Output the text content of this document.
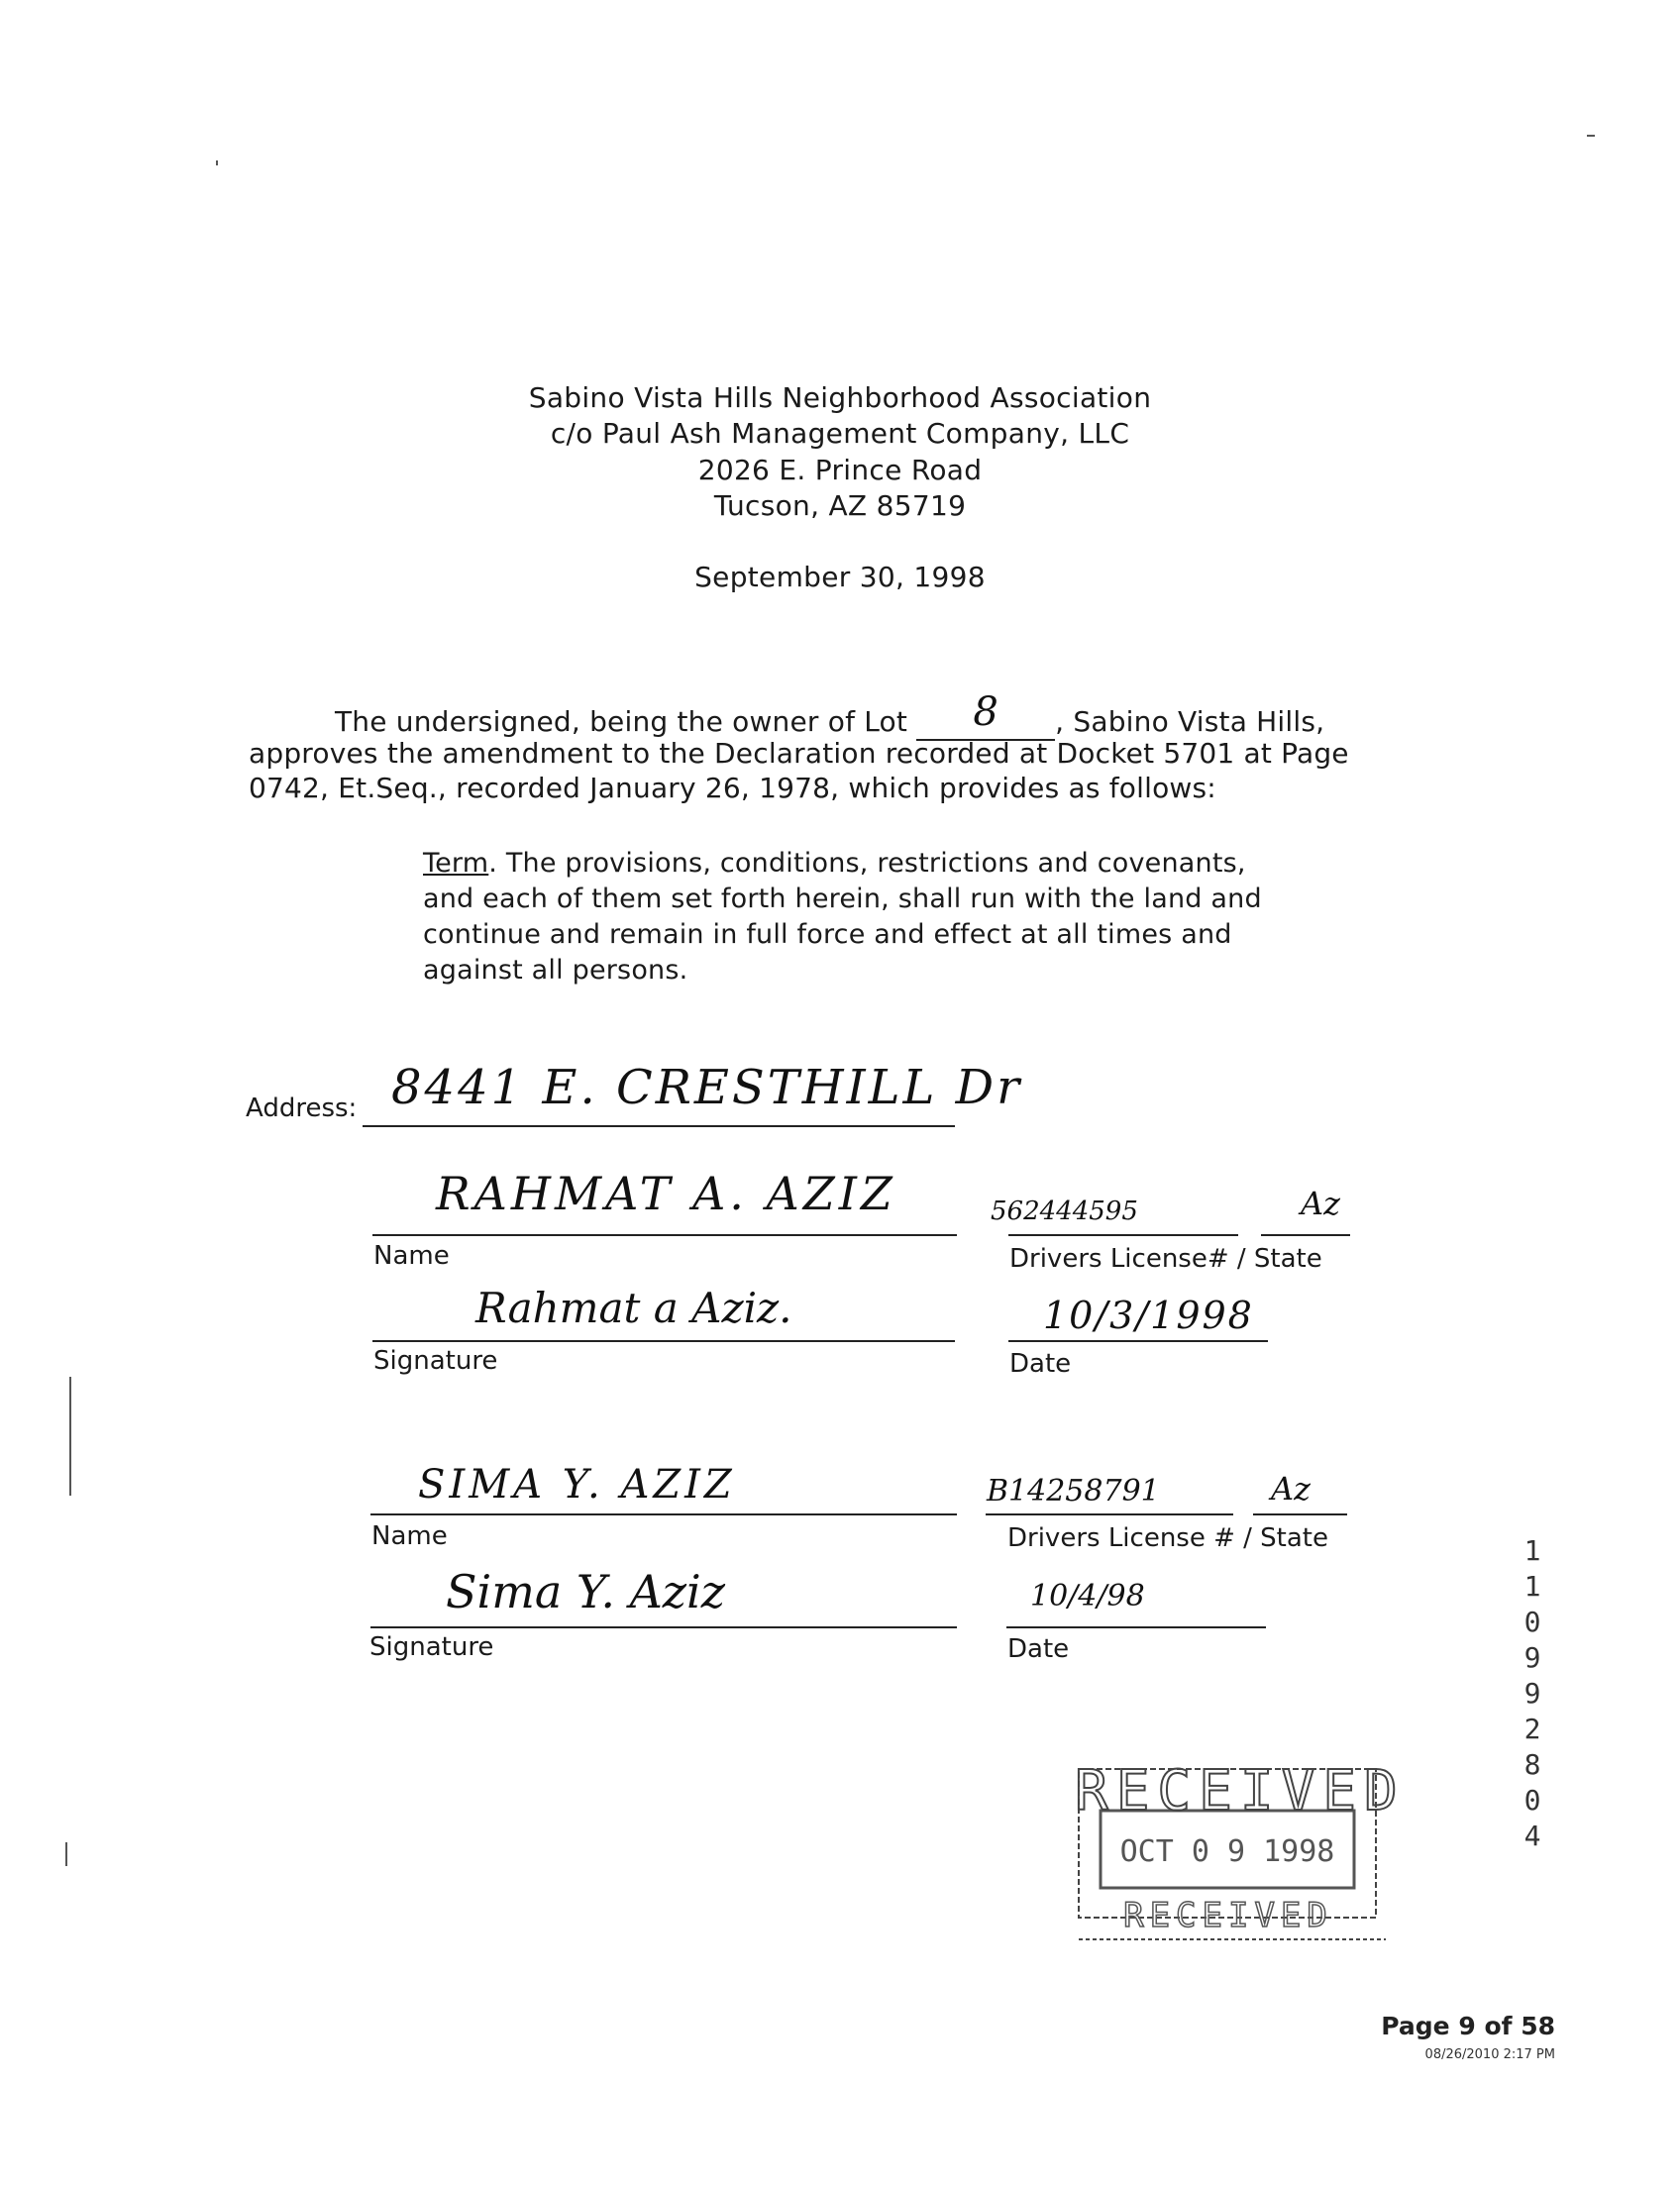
Sabino Vista Hills Neighborhood Association
c/o Paul Ash Management Company, LLC
2026 E. Prince Road
Tucson, AZ 85719
September 30, 1998
The undersigned, being the owner of Lot 8 , Sabino Vista Hills,
approves the amendment to the Declaration recorded at Docket 5701 at Page
0742, Et.Seq., recorded January 26, 1978, which provides as follows:
Term. The provisions, conditions, restrictions and covenants,
and each of them set forth herein, shall run with the land and
continue and remain in full force and effect at all times and
against all persons.
Address: 8441 E. CRESTHILL Dr
RAHMAT A. AZIZ
Name
562444595	Az
Drivers License# / State
Rahmat a Aziz.
Signature
10/3/1998
Date
SIMA Y. AZIZ
Name
B14258791	Az
Drivers License # / State
Sima Y. Aziz
Signature
10/4/98
Date
RECEIVED
OCT 0 9 1998
RECEIVED
11099 2804
Page 9 of 58
08/26/2010 2:17 PM
